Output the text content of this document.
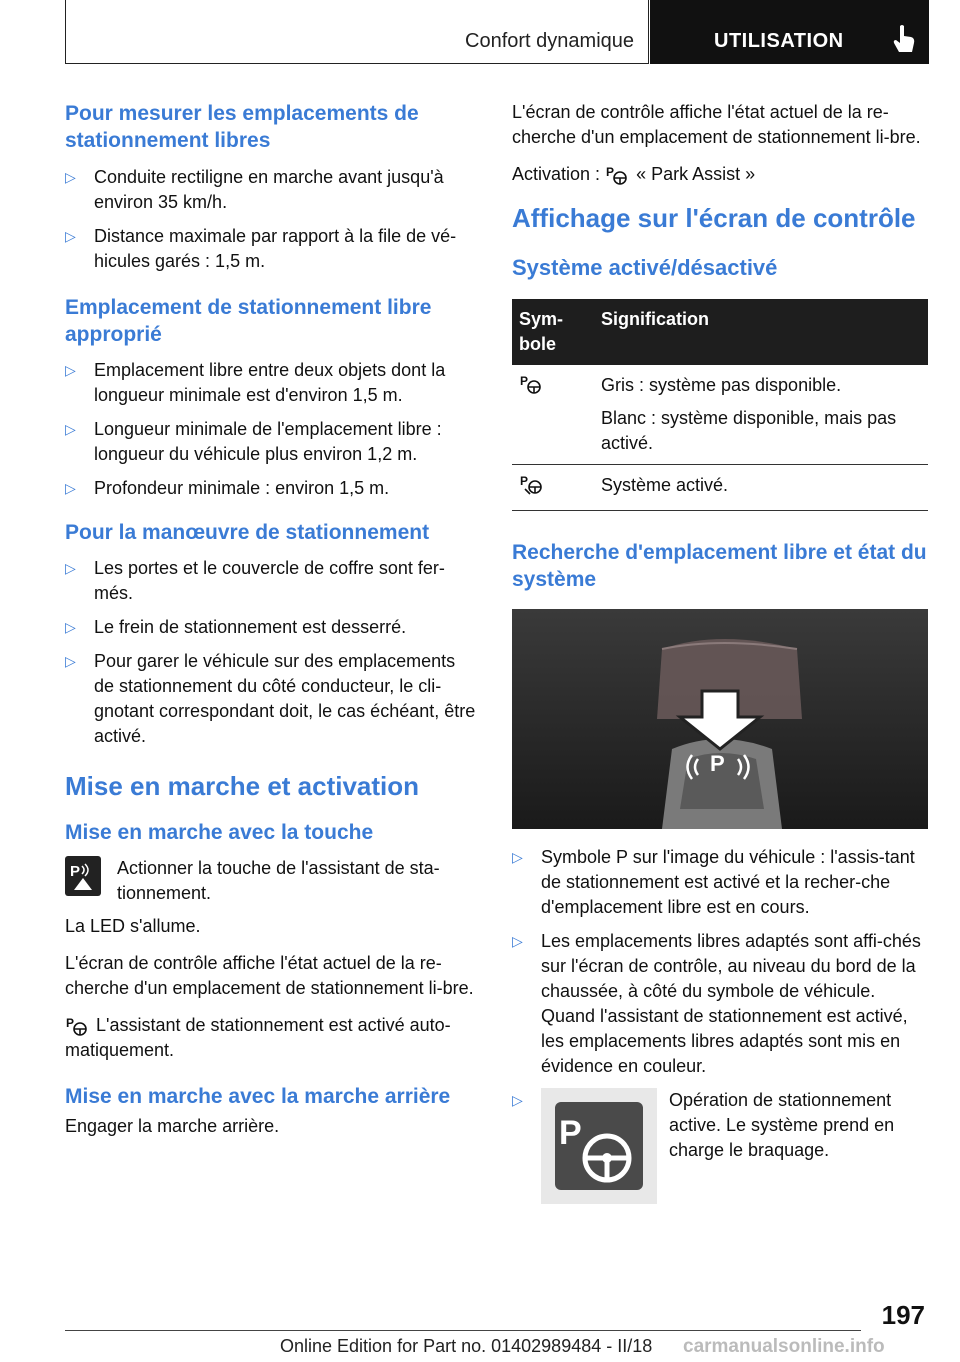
Confort dynamique	UTILISATION
Pour mesurer les emplacements de stationnement libres
▷ Conduite rectiligne en marche avant jusqu'à environ 35 km/h.
▷ Distance maximale par rapport à la file de vé-hicules garés : 1,5 m.
Emplacement de stationnement libre approprié
▷ Emplacement libre entre deux objets dont la longueur minimale est d'environ 1,5 m.
▷ Longueur minimale de l'emplacement libre : longueur du véhicule plus environ 1,2 m.
▷ Profondeur minimale : environ 1,5 m.
Pour la manœuvre de stationnement
▷ Les portes et le couvercle de coffre sont fer-més.
▷ Le frein de stationnement est desserré.
▷ Pour garer le véhicule sur des emplacements de stationnement du côté conducteur, le cli-gnotant correspondant doit, le cas échéant, être activé.
Mise en marche et activation
Mise en marche avec la touche
P Actionner la touche de l'assistant de sta-tionnement.

La LED s'allume.

L'écran de contrôle affiche l'état actuel de la re-cherche d'un emplacement de stationnement li-bre.

P L'assistant de stationnement est activé auto-matiquement.

Mise en marche avec la marche arrière

Engager la marche arrière.

L'écran de contrôle affiche l'état actuel de la re-cherche d'un emplacement de stationnement li-bre.

Activation : P « Park Assist »

Affichage sur l'écran de contrôle
Système activé/désactivé
Sym-bole	Signification

P	Gris : système pas disponible.

Blanc : système disponible, mais pas activé.

P	Système activé.
Recherche d'emplacement libre et état du système
P
▷ Symbole P sur l'image du véhicule : l'assis-tant de stationnement est activé et la recher-che d'emplacement libre est en cours.
▷ Les emplacements libres adaptés sont affi-chés sur l'écran de contrôle, au niveau du bord de la chaussée, à côté du symbole de véhicule. Quand l'assistant de stationnement est activé, les emplacements libres adaptés sont mis en évidence en couleur.
▷
P
Opération de stationnement active. Le système prend en charge le braquage.
197
Online Edition for Part no. 01402989484 - II/18 carmanualsonline.info
